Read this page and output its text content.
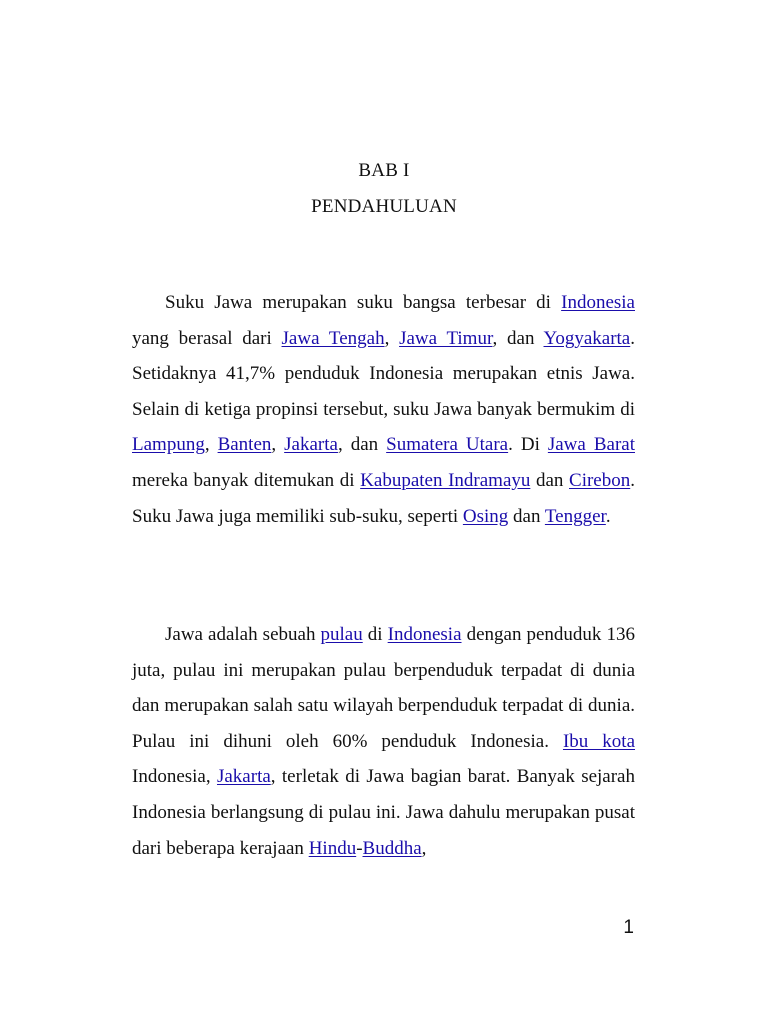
BAB I
PENDAHULUAN

Suku Jawa merupakan suku bangsa terbesar di Indonesia yang berasal dari Jawa Tengah, Jawa Timur, dan Yogyakarta. Setidaknya 41,7% penduduk Indonesia merupakan etnis Jawa. Selain di ketiga propinsi tersebut, suku Jawa banyak bermukim di Lampung, Banten, Jakarta, dan Sumatera Utara. Di Jawa Barat mereka banyak ditemukan di Kabupaten Indramayu dan Cirebon. Suku Jawa juga memiliki sub-suku, seperti Osing dan Tengger.

Jawa adalah sebuah pulau di Indonesia dengan penduduk 136 juta, pulau ini merupakan pulau berpenduduk terpadat di dunia dan merupakan salah satu wilayah berpenduduk terpadat di dunia. Pulau ini dihuni oleh 60% penduduk Indonesia. Ibu kota Indonesia, Jakarta, terletak di Jawa bagian barat. Banyak sejarah Indonesia berlangsung di pulau ini. Jawa dahulu merupakan pusat dari beberapa kerajaan Hindu-Buddha,

1
